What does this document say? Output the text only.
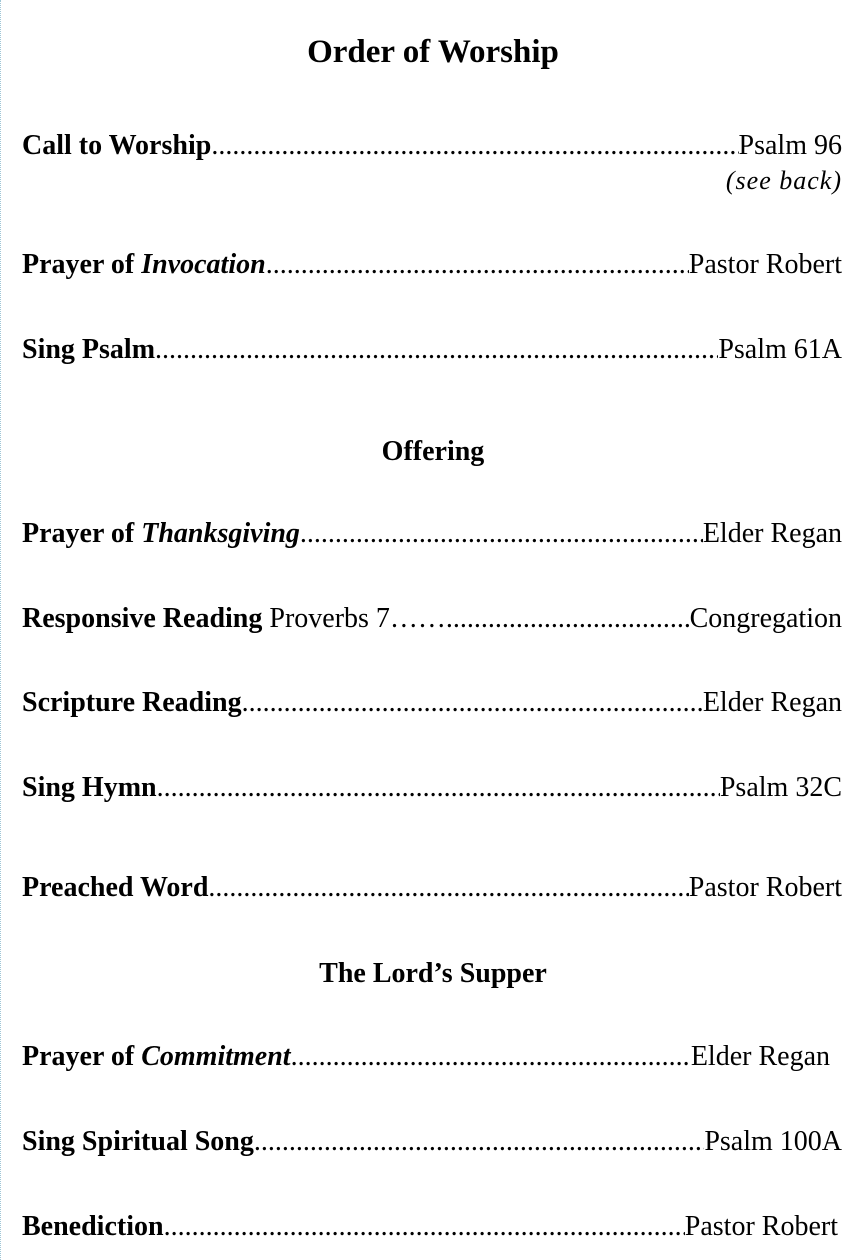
Order of Worship
Call to Worship .....	Psalm 96
(see back)
Prayer of Invocation .....	Pastor Robert
Sing Psalm .....	Psalm 61A
Offering
Prayer of Thanksgiving .....	Elder Regan
Responsive Reading Proverbs 7…… .....	Congregation
Scripture Reading .....	Elder Regan
Sing Hymn .....	Psalm 32C
Preached Word .....	Pastor Robert
The Lord’s Supper
Prayer of Commitment .....	Elder Regan
Sing Spiritual Song .....	Psalm 100A
Benediction .....	Pastor Robert
